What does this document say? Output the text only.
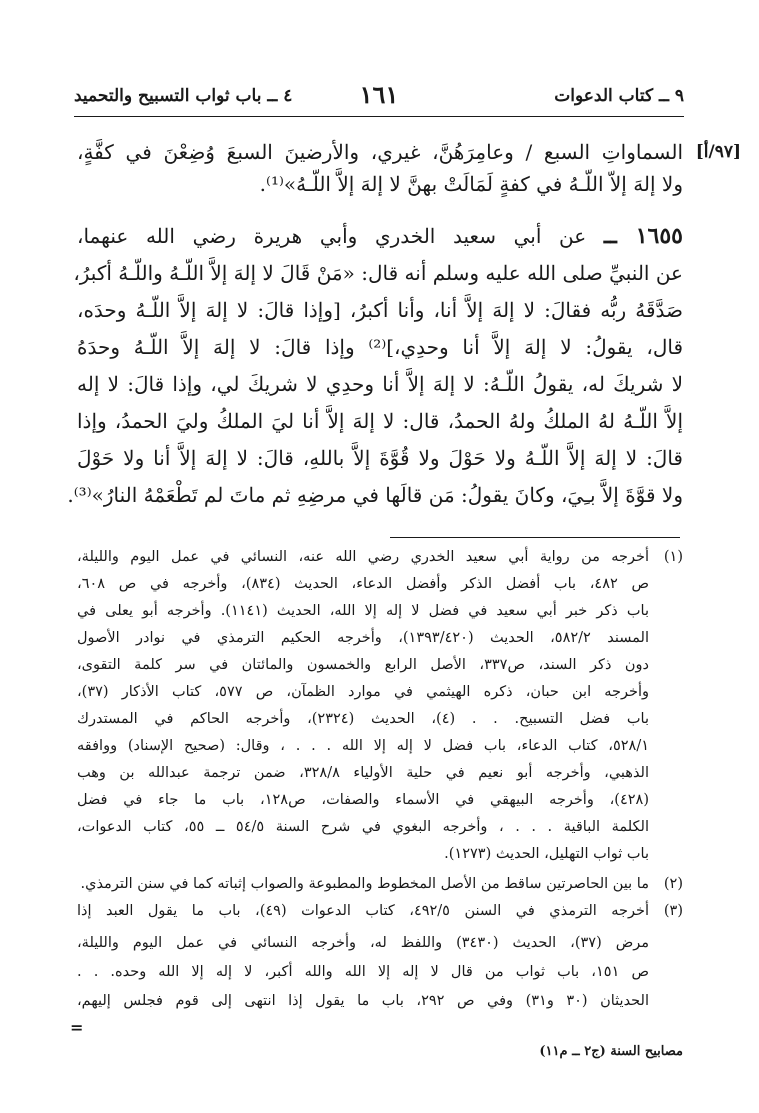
٩ ــ كتاب الدعوات
١٦١
٤ ــ باب ثواب التسبيح والتحميد
السماواتِ السبع / وعامِرَهُنَّ، غيري، والأرضينَ السبعَ وُضِعْنَ في كفَّةٍ، [٩٧/أ]
ولا إلهَ إلاّ اللّـهُ في كفةٍ لَمَالَتْ بهنَّ لا إلهَ إلاَّ اللّـهُ»⁽¹⁾.
١٦٥٥ ــ عن أبي سعيد الخدري وأبي هريرة رضي الله عنهما،
عن النبيِّ صلى الله عليه وسلم أنه قال: «مَنْ قَالَ لا إلهَ إلاَّ اللّـهُ واللّـهُ أكبرُ،
صَدَّقَهُ ربُّه فقالَ: لا إلهَ إلاَّ أنا، وأنا أكبرُ، [وإذا قالَ: لا إلهَ إلاَّ اللّـهُ وحدَه،
قال، يقولُ: لا إلهَ إلاَّ أنا وحدِي،]⁽²⁾ وإذا قالَ: لا إلهَ إلاَّ اللّـهُ وحدَهُ
لا شريكَ له، يقولُ اللّـهُ: لا إلهَ إلاَّ أنا وحدِي لا شريكَ لي، وإذا قالَ: لا إله
إلاَّ اللّـهُ لهُ الملكُ ولهُ الحمدُ، قال: لا إلهَ إلاَّ أنا ليَ الملكُ وليَ الحمدُ، وإذا
قالَ: لا إلهَ إلاَّ اللّـهُ ولا حَوْلَ ولا قُوَّةَ إلاَّ باللهِ، قالَ: لا إلهَ إلاَّ أنا ولا حَوْلَ
ولا قوَّةَ إلاَّ بـِيَ، وكانَ يقولُ: مَن قالَها في مرضِهِ ثم ماتَ لم تَطْعَمْهُ النارُ»⁽³⁾.
(١)أخرجه من رواية أبي سعيد الخدري رضي الله عنه، النسائي في عمل اليوم والليلة،
ص ٤٨٢، باب أفضل الذكر وأفضل الدعاء، الحديث (٨٣٤)، وأخرجه في ص ٦٠٨،
باب ذكر خبر أبي سعيد في فضل لا إله إلا الله، الحديث (١١٤١). وأخرجه أبو يعلى في
المسند ٥٨٢/٢، الحديث (١٣٩٣/٤٢٠)، وأخرجه الحكيم الترمذي في نوادر الأصول
دون ذكر السند، ص٣٣٧، الأصل الرابع والخمسون والمائتان في سر كلمة التقوى،
وأخرجه ابن حبان، ذكره الهيثمي في موارد الظمآن، ص ٥٧٧، كتاب الأذكار (٣٧)،
باب فضل التسبيح. . . (٤)، الحديث (٢٣٢٤)، وأخرجه الحاكم في المستدرك
٥٢٨/١، كتاب الدعاء، باب فضل لا إله إلا الله . . . ، وقال: (صحيح الإسناد) ووافقه
الذهبي، وأخرجه أبو نعيم في حلية الأولياء ٣٢٨/٨، ضمن ترجمة عبدالله بن وهب
(٤٢٨)، وأخرجه البيهقي في الأسماء والصفات، ص١٢٨، باب ما جاء في فضل
الكلمة الباقية . . . ، وأخرجه البغوي في شرح السنة ٥٤/٥ ــ ٥٥، كتاب الدعوات،
باب ثواب التهليل، الحديث (١٢٧٣).
(٢)ما بين الحاصرتين ساقط من الأصل المخطوط والمطبوعة والصواب إثباته كما في سنن الترمذي.
(٣)أخرجه الترمذي في السنن ٤٩٢/٥، كتاب الدعوات (٤٩)، باب ما يقول العبد إذا
مرض (٣٧)، الحديث (٣٤٣٠) واللفظ له، وأخرجه النسائي في عمل اليوم والليلة،
ص ١٥١، باب ثواب من قال لا إله إلا الله والله أكبر، لا إله إلا الله وحده. . .
الحديثان (٣٠ و٣١) وفي ص ٢٩٢، باب ما يقول إذا انتهى إلى قوم فجلس إليهم،
=
مصابيح السنة (ج٢ ــ م١١)
